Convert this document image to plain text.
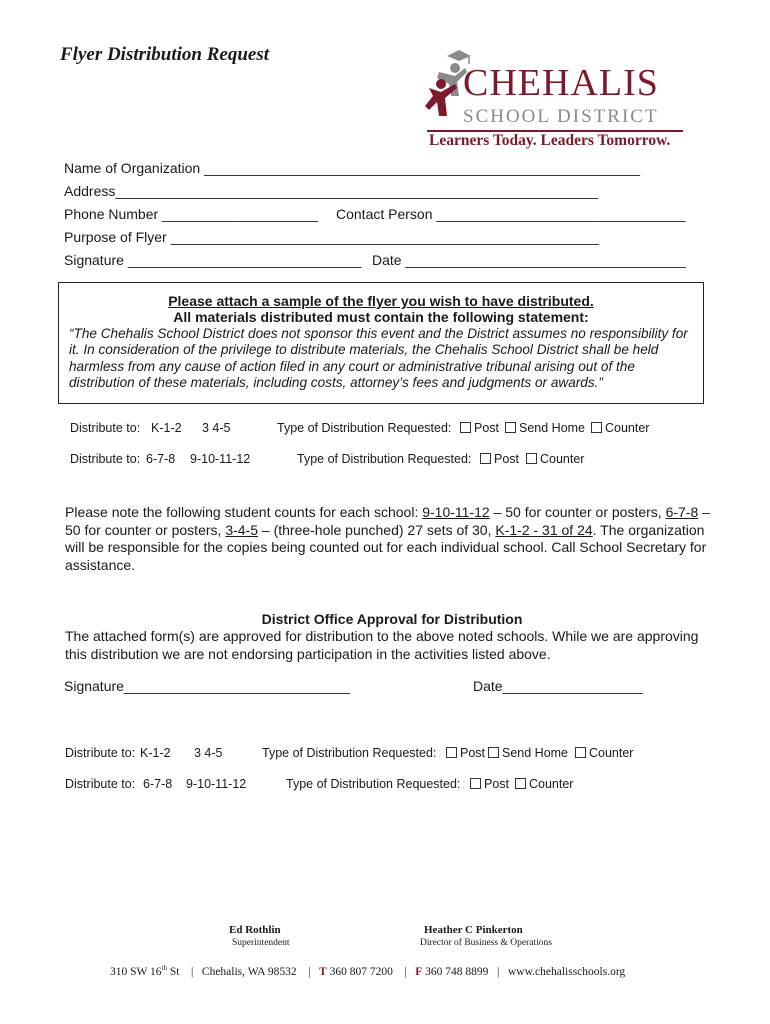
Flyer Distribution Request
CHEHALIS
SCHOOL DISTRICT
Learners Today. Leaders Tomorrow.
Name of Organization ________________________________________________________
Address______________________________________________________________
Phone Number ____________________ Contact Person ________________________________
Purpose of Flyer _______________________________________________________
Signature ______________________________ Date ____________________________________
Please attach a sample of the flyer you wish to have distributed.
All materials distributed must contain the following statement:
“The Chehalis School District does not sponsor this event and the District assumes no responsibility for it. In consideration of the privilege to distribute materials, the Chehalis School District shall be held harmless from any cause of action filed in any court or administrative tribunal arising out of the distribution of these materials, including costs, attorney’s fees and judgments or awards.”
Distribute to: K-1-2 3 4-5	Type of Distribution Requested:	Post	Send Home	Counter
Distribute to: 6-7-8 9-10-11-12	Type of Distribution Requested:	Post	Counter
Please note the following student counts for each school: 9-10-11-12 – 50 for counter or posters, 6-7-8 – 50 for counter or posters, 3-4-5 – (three-hole punched) 27 sets of 30, K-1-2 - 31 of 24. The organization will be responsible for the copies being counted out for each individual school. Call School Secretary for assistance.
District Office Approval for Distribution
The attached form(s) are approved for distribution to the above noted schools. While we are approving this distribution we are not endorsing participation in the activities listed above.
Signature_____________________________	Date__________________
Distribute to: K-1-2 3 4-5	Type of Distribution Requested:	Post	Send Home	Counter
Distribute to: 6-7-8 9-10-11-12	Type of Distribution Requested:	Post	Counter
Ed Rothlin
Superintendent
Heather C Pinkerton
Director of Business & Operations
310 SW 16th St | Chehalis, WA 98532 | T 360 807 7200 | F 360 748 8899 | www.chehalisschools.org
